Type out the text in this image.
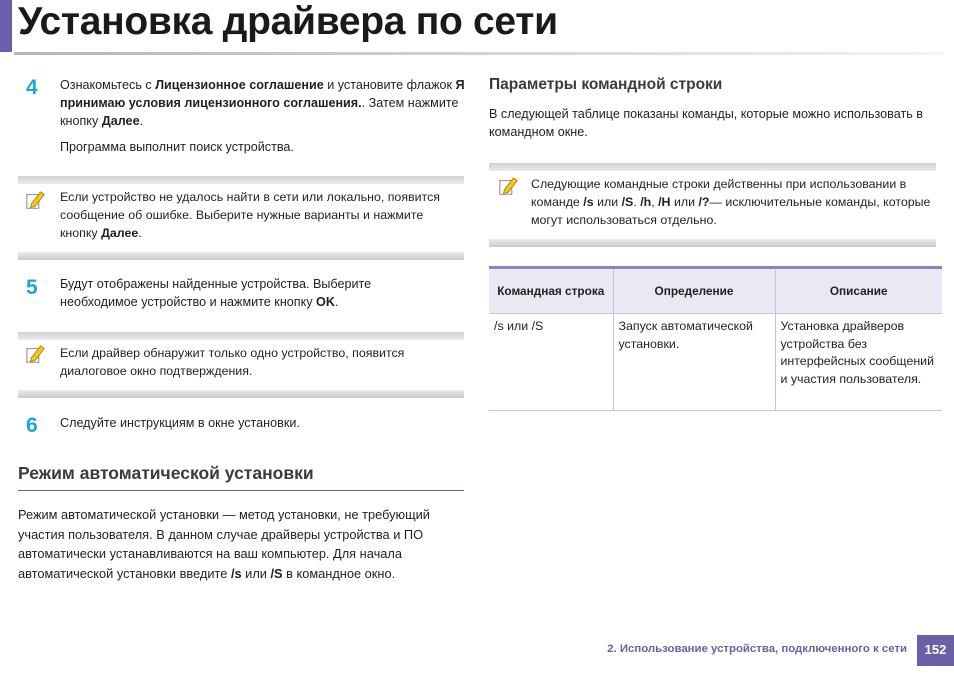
Установка драйвера по сети
4 Ознакомьтесь с Лицензионное соглашение и установите флажок Я принимаю условия лицензионного соглашения.. Затем нажмите кнопку Далее.

Программа выполнит поиск устройства.

Если устройство не удалось найти в сети или локально, появится сообщение об ошибке. Выберите нужные варианты и нажмите кнопку Далее.

5 Будут отображены найденные устройства. Выберите необходимое устройство и нажмите кнопку OK.

Если драйвер обнаружит только одно устройство, появится диалоговое окно подтверждения.

6 Следуйте инструкциям в окне установки.

Режим автоматической установки

Режим автоматической установки — метод установки, не требующий участия пользователя. В данном случае драйверы устройства и ПО автоматически устанавливаются на ваш компьютер. Для начала автоматической установки введите /s или /S в командное окно.

Параметры командной строки

В следующей таблице показаны команды, которые можно использовать в командном окне.

Следующие командные строки действенны при использовании в команде /s или /S. /h, /H или /?— исключительные команды, которые могут использоваться отдельно.

Командная строка	Определение	Описание
/s или /S	Запуск автоматической установки.	Установка драйверов устройства без интерфейсных сообщений и участия пользователя.
2. Использование устройства, подключенного к сети	152
